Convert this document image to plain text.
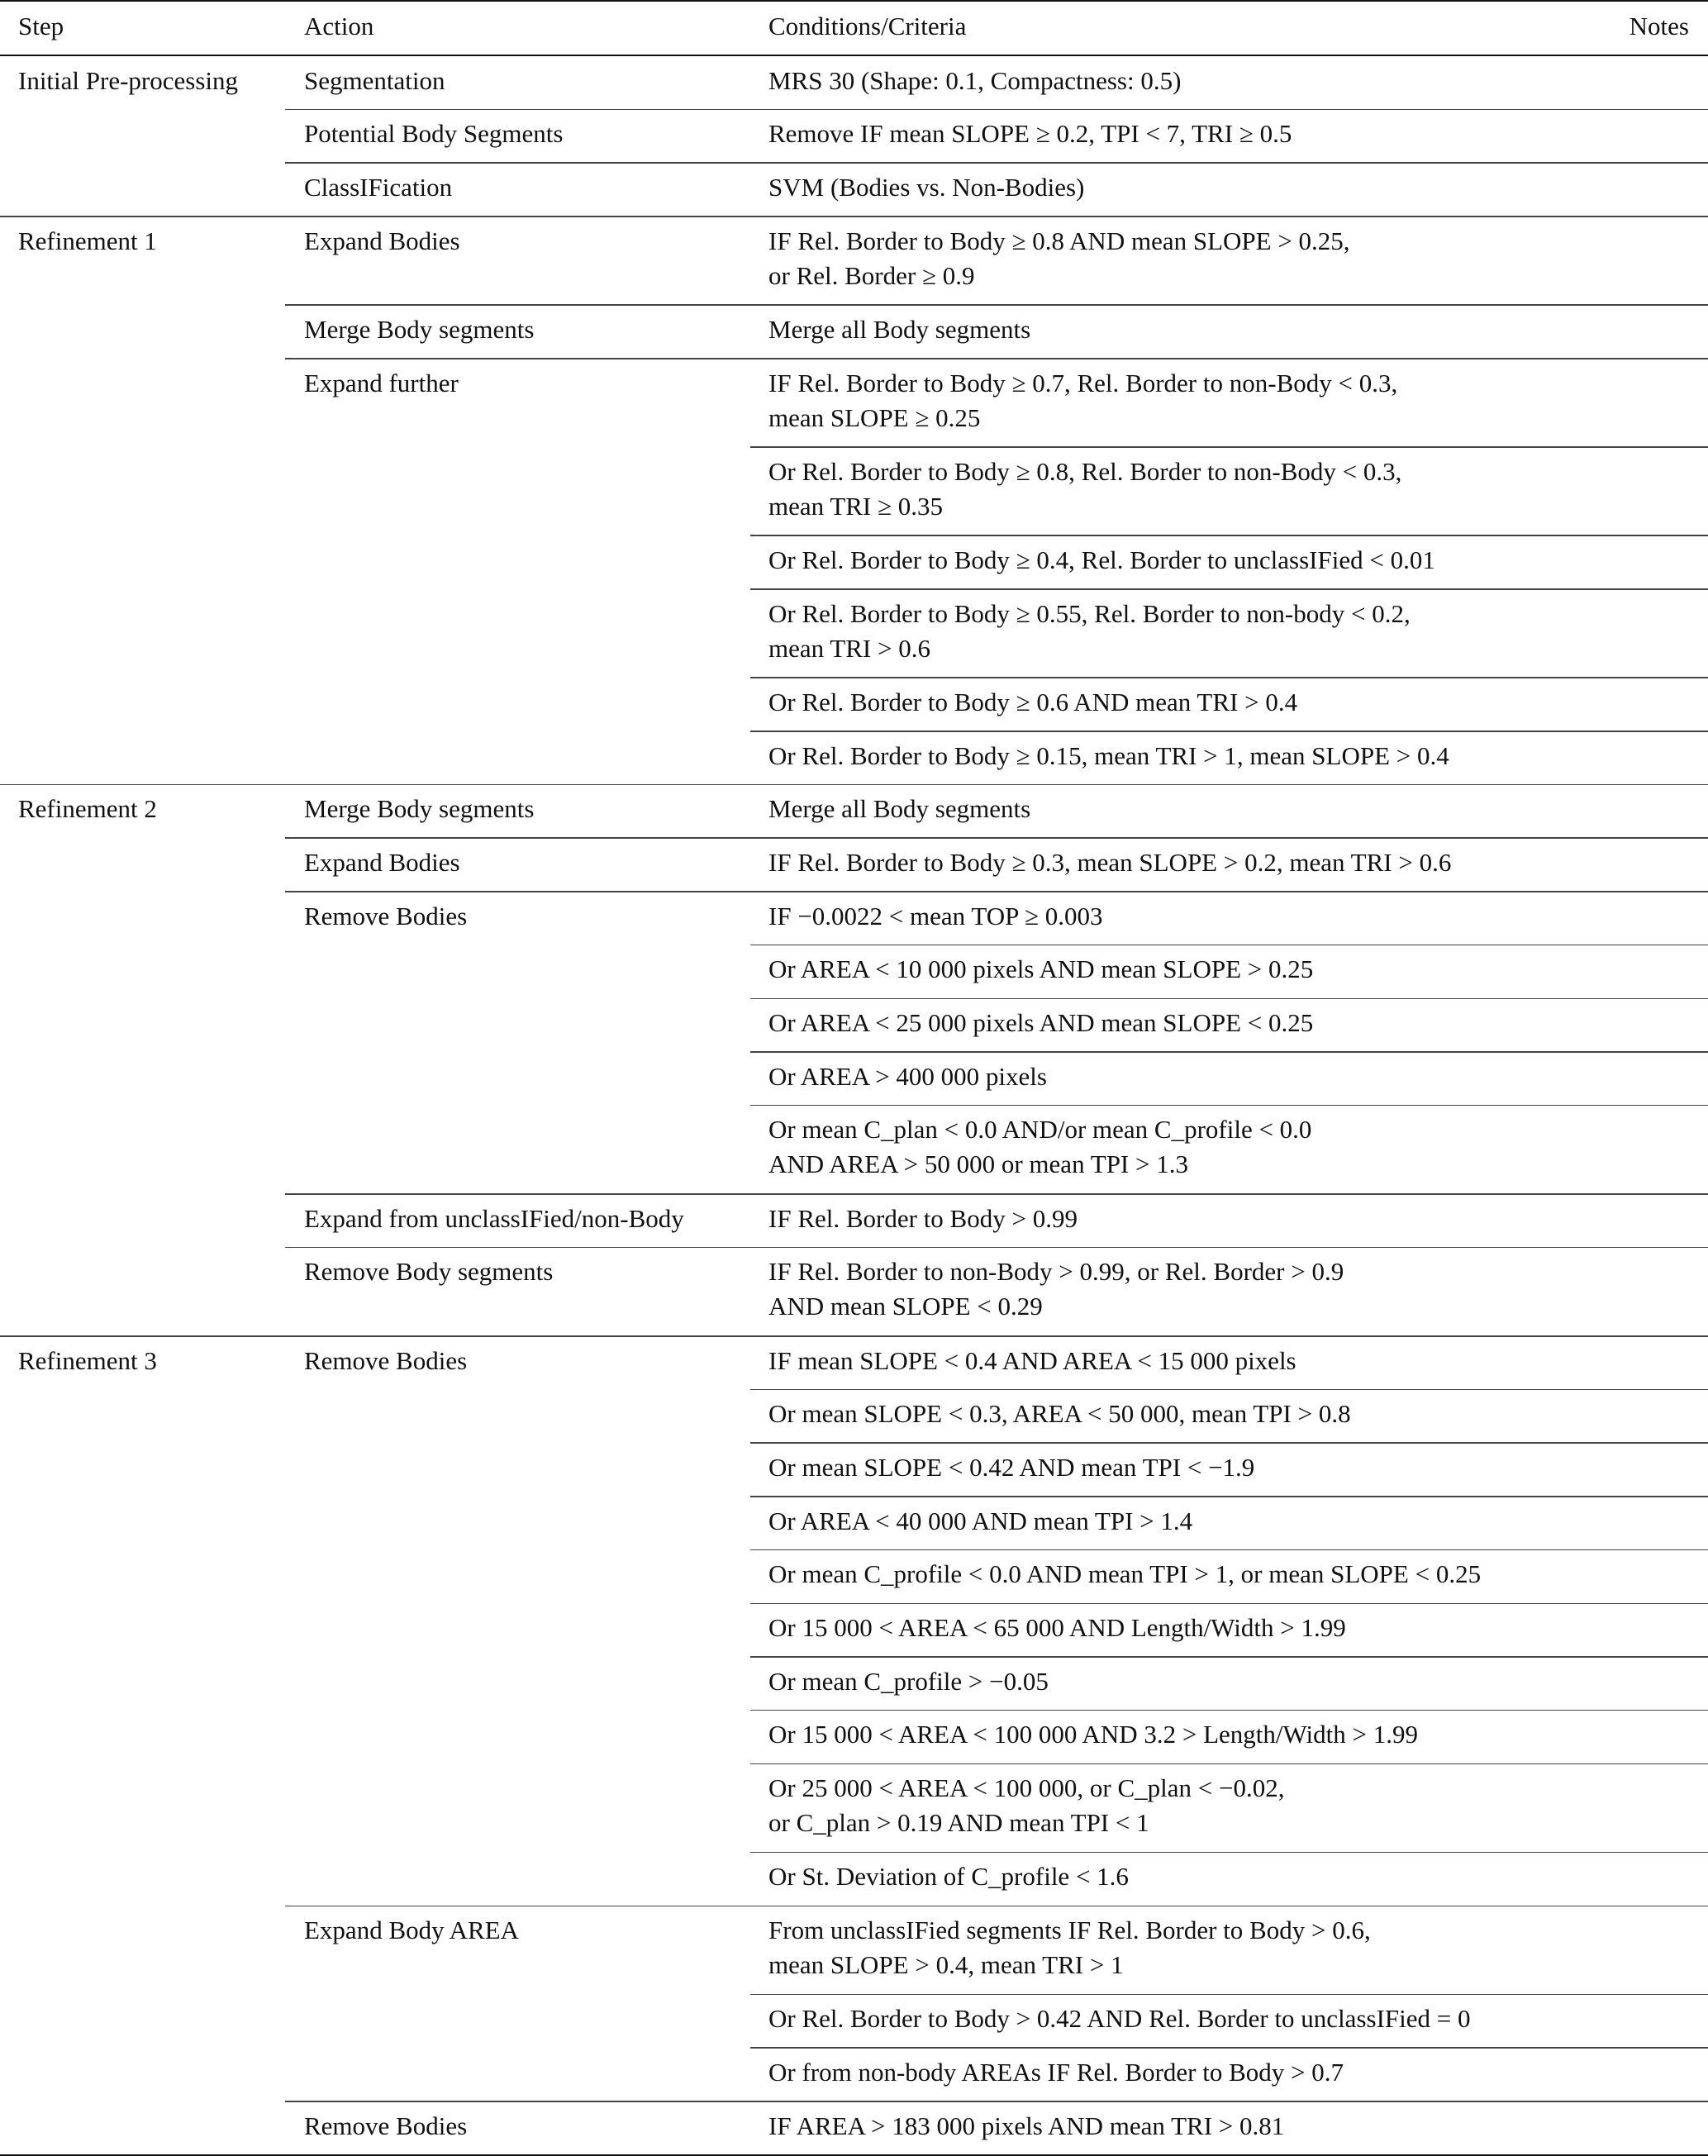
Step	Action	Conditions/Criteria	Notes
Initial Pre-processing	Segmentation	MRS 30 (Shape: 0.1, Compactness: 0.5)
Potential Body Segments	Remove IF mean SLOPE ≥ 0.2, TPI < 7, TRI ≥ 0.5
ClassIFication	SVM (Bodies vs. Non-Bodies)
Refinement 1	Expand Bodies	IF Rel. Border to Body ≥ 0.8 AND mean SLOPE > 0.25,
or Rel. Border ≥ 0.9
Merge Body segments	Merge all Body segments
Expand further	IF Rel. Border to Body ≥ 0.7, Rel. Border to non-Body < 0.3,
mean SLOPE ≥ 0.25
Or Rel. Border to Body ≥ 0.8, Rel. Border to non-Body < 0.3,
mean TRI ≥ 0.35
Or Rel. Border to Body ≥ 0.4, Rel. Border to unclassIFied < 0.01
Or Rel. Border to Body ≥ 0.55, Rel. Border to non-body < 0.2,
mean TRI > 0.6
Or Rel. Border to Body ≥ 0.6 AND mean TRI > 0.4
Or Rel. Border to Body ≥ 0.15, mean TRI > 1, mean SLOPE > 0.4
Refinement 2	Merge Body segments	Merge all Body segments
Expand Bodies	IF Rel. Border to Body ≥ 0.3, mean SLOPE > 0.2, mean TRI > 0.6
Remove Bodies	IF −0.0022 < mean TOP ≥ 0.003
Or AREA < 10 000 pixels AND mean SLOPE > 0.25
Or AREA < 25 000 pixels AND mean SLOPE < 0.25
Or AREA > 400 000 pixels
Or mean C_plan < 0.0 AND/or mean C_profile < 0.0
AND AREA > 50 000 or mean TPI > 1.3
Expand from unclassIFied/non-Body	IF Rel. Border to Body > 0.99
Remove Body segments	IF Rel. Border to non-Body > 0.99, or Rel. Border > 0.9
AND mean SLOPE < 0.29
Refinement 3	Remove Bodies	IF mean SLOPE < 0.4 AND AREA < 15 000 pixels
Or mean SLOPE < 0.3, AREA < 50 000, mean TPI > 0.8
Or mean SLOPE < 0.42 AND mean TPI < −1.9
Or AREA < 40 000 AND mean TPI > 1.4
Or mean C_profile < 0.0 AND mean TPI > 1, or mean SLOPE < 0.25
Or 15 000 < AREA < 65 000 AND Length/Width > 1.99
Or mean C_profile > −0.05
Or 15 000 < AREA < 100 000 AND 3.2 > Length/Width > 1.99
Or 25 000 < AREA < 100 000, or C_plan < −0.02,
or C_plan > 0.19 AND mean TPI < 1
Or St. Deviation of C_profile < 1.6
Expand Body AREA	From unclassIFied segments IF Rel. Border to Body > 0.6,
mean SLOPE > 0.4, mean TRI > 1
Or Rel. Border to Body > 0.42 AND Rel. Border to unclassIFied = 0
Or from non-body AREAs IF Rel. Border to Body > 0.7
Remove Bodies	IF AREA > 183 000 pixels AND mean TRI > 0.81
